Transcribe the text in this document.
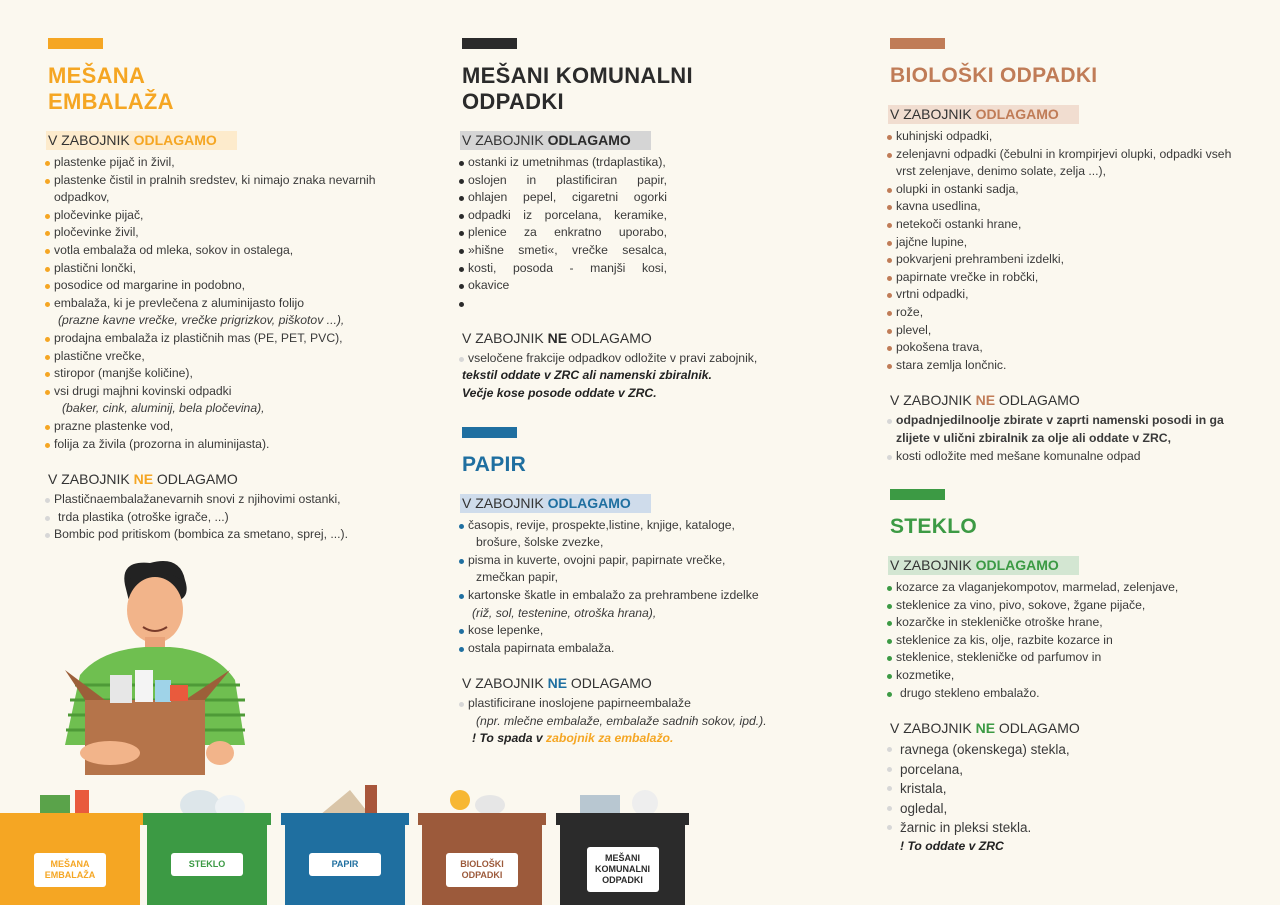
MEŠANA
EMBALAŽA
V ZABOJNIK ODLAGAMO
plastenke pijač in živil,
plastenke čistil in pralnih sredstev, ki nimajo znaka nevarnih odpadkov,
pločevinke pijač,
pločevinke živil,
votla embalaža od mleka, sokov in ostalega,
plastični lončki,
posodice od margarine in podobno,
embalaža, ki je prevlečena z aluminijasto folijo
(prazne kavne vrečke, vrečke prigrizkov, piškotov ...),
prodajna embalaža iz plastičnih mas (PE, PET, PVC),
plastične vrečke,
stiropor (manjše količine),
vsi drugi majhni kovinski odpadki
(baker, cink, aluminij, bela pločevina),
prazne plastenke vod,
folija za živila (prozorna in aluminijasta).
V ZABOJNIK NE ODLAGAMO
Plastičnaembalažanevarnih snovi z njihovimi ostanki,
trda plastika (otroške igrače, ...)
Bombic pod pritiskom (bombica za smetano, sprej, ...).
MEŠANI KOMUNALNI
ODPADKI
V ZABOJNIK ODLAGAMO
ostanki iz umetnihmas (trdaplastika),
oslojen in plastificiran papir,
ohlajen pepel, cigaretni ogorki
odpadki iz porcelana, keramike,
plenice za enkratno uporabo,
»hišne smeti«, vrečke sesalca,
kosti, posoda - manjši kosi,
okavice
V ZABOJNIK NE ODLAGAMO
vseločene frakcije odpadkov odložite v pravi zabojnik,
tekstil oddate v ZRC ali namenski zbiralnik.
Večje kose posode oddate v ZRC.
PAPIR
V ZABOJNIK ODLAGAMO
časopis, revije, prospekte,listine, knjige, kataloge,
brošure, šolske zvezke,
pisma in kuverte, ovojni papir, papirnate vrečke,
zmečkan papir,
kartonske škatle in embalažo za prehrambene izdelke
(riž, sol, testenine, otroška hrana),
kose lepenke,
ostala papirnata embalaža.
V ZABOJNIK NE ODLAGAMO
plastificirane inoslojene papirneembalaže
(npr. mlečne embalaže, embalaže sadnih sokov, ipd.).
! To spada v zabojnik za embalažo.
BIOLOŠKI ODPADKI
V ZABOJNIK ODLAGAMO
kuhinjski odpadki,
zelenjavni odpadki (čebulni in krompirjevi olupki, odpadki vseh vrst zelenjave, denimo solate, zelja ...),
olupki in ostanki sadja,
kavna usedlina,
netekoči ostanki hrane,
jajčne lupine,
pokvarjeni prehrambeni izdelki,
papirnate vrečke in robčki,
vrtni odpadki,
rože,
plevel,
pokošena trava,
stara zemlja lončnic.
V ZABOJNIK NE ODLAGAMO
odpadnjedilnoolje zbirate v zaprti namenski posodi in ga zlijete v ulični zbiralnik za olje ali oddate v ZRC,
kosti odložite med mešane komunalne odpad
STEKLO
V ZABOJNIK ODLAGAMO
kozarce za vlaganjekompotov, marmelad, zelenjave,
steklenice za vino, pivo, sokove, žgane pijače,
kozarčke in stekleničke otroške hrane,
steklenice za kis, olje, razbite kozarce in
steklenice, stekleničke od parfumov in
kozmetike,
drugo stekleno embalažo.
V ZABOJNIK NE ODLAGAMO
ravnega (okenskega) stekla,
porcelana,
kristala,
ogledal,
žarnic in pleksi stekla.
! To oddate v ZRC
MEŠANA EMBALAŽA
STEKLO	PAPIR	BIOLOŠKI ODPADKI
MEŠANI KOMUNALNI ODPADKI
